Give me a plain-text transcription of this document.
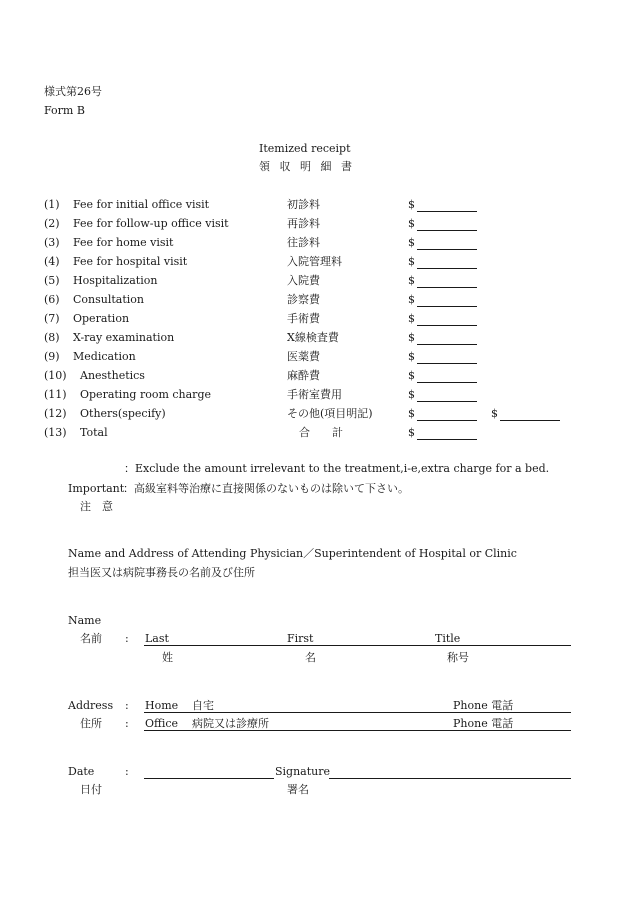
様式第26号
Form B
Itemized receipt
領 収 明 細 書
(1) Fee for initial office visit	初診料	$
(2) Fee for follow-up office visit	再診料	$
(3) Fee for home visit	往診料	$
(4) Fee for hospital visit	入院管理料	$
(5) Hospitalization	入院費	$
(6) Consultation	診察費	$
(7) Operation	手術費	$
(8) X-ray examination	X線検査費	$
(9) Medication	医薬費	$
(10) Anesthetics	麻酔費	$
(11) Operating room charge	手術室費用	$
(12) Others(specify)	その他(項目明記)	$	$
(13) Total	合　　計	$
：Exclude the amount irrelevant to the treatment,i-e,extra charge for a bed.
Important
：高級室料等治療に直接関係のないものは除いて下さい。
注　意
Name and Address of Attending Physician／Superintendent of Hospital or Clinic
担当医又は病院事務長の名前及び住所
Name
名前 : Last	First	Title
姓	名	称号
Address : Home 自宅	Phone 電話
住所 : Office 病院又は診療所	Phone 電話
Date	:	Signature
日付	署名
